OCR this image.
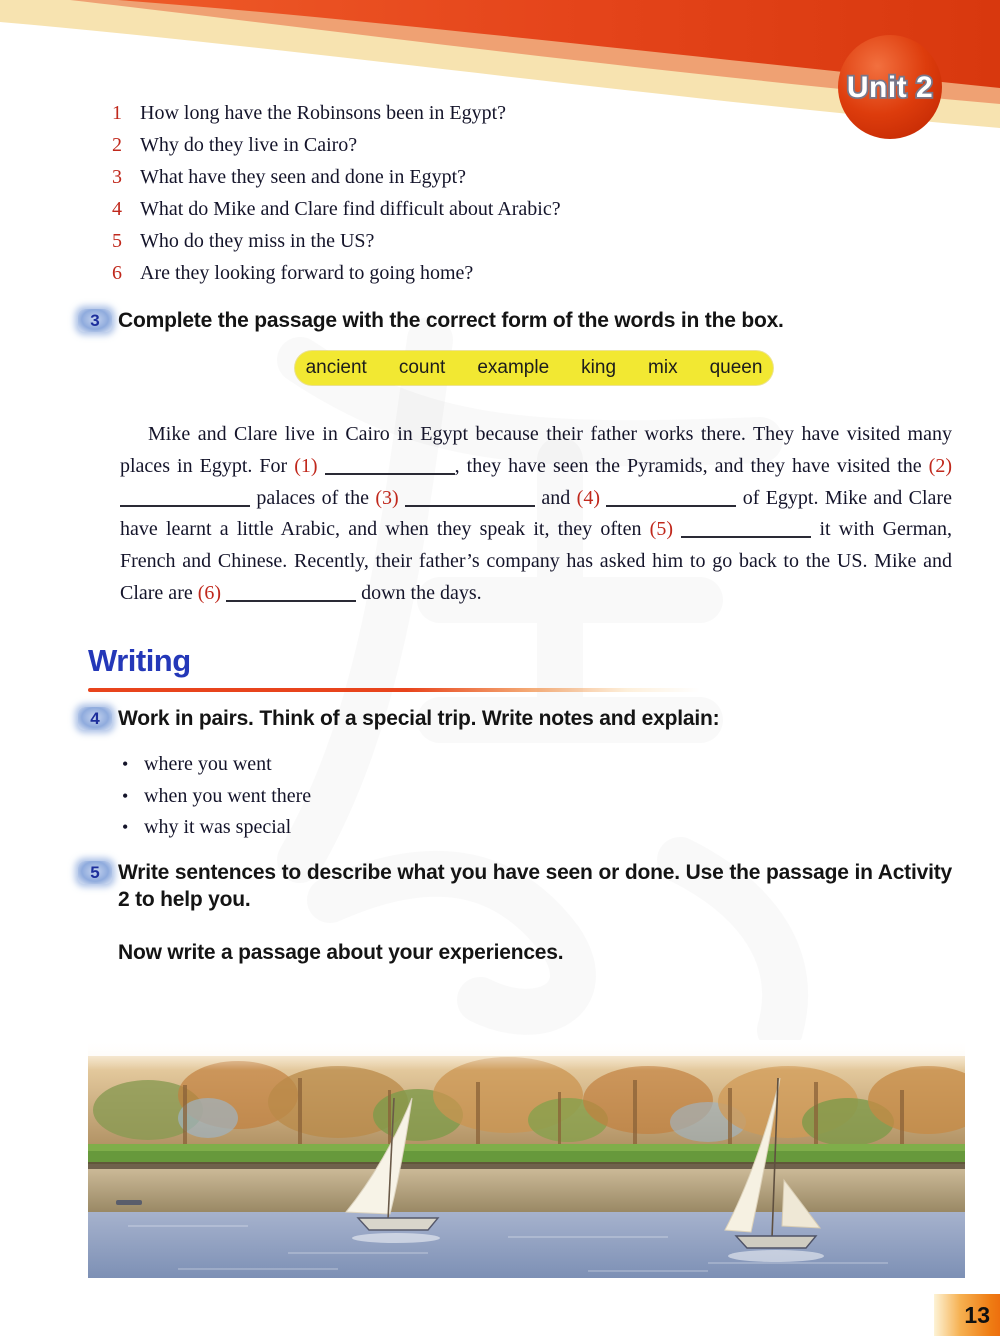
Unit 2
1 How long have the Robinsons been in Egypt?
2 Why do they live in Cairo?
3 What have they seen and done in Egypt?
4 What do Mike and Clare find difficult about Arabic?
5 Who do they miss in the US?
6 Are they looking forward to going home?
3 Complete the passage with the correct form of the words in the box.
ancient count example king mix queen

Mike and Clare live in Cairo in Egypt because their father works there. They have visited many places in Egypt. For (1)	, they have seen the Pyramids, and they have visited the (2)  palaces of the (3)	and (4)	of Egypt. Mike and Clare have learnt a little Arabic, and when they speak it, they often (5)	it with German, French and Chinese. Recently, their father’s company has asked him to go back to the US. Mike and Clare are (6)	down the days.

Writing
4 Work in pairs. Think of a special trip. Write notes and explain:
• where you went
• when you went there
• why it was special
5 Write sentences to describe what you have seen or done. Use the passage in Activity 2 to help you.
Now write a passage about your experiences.
13
